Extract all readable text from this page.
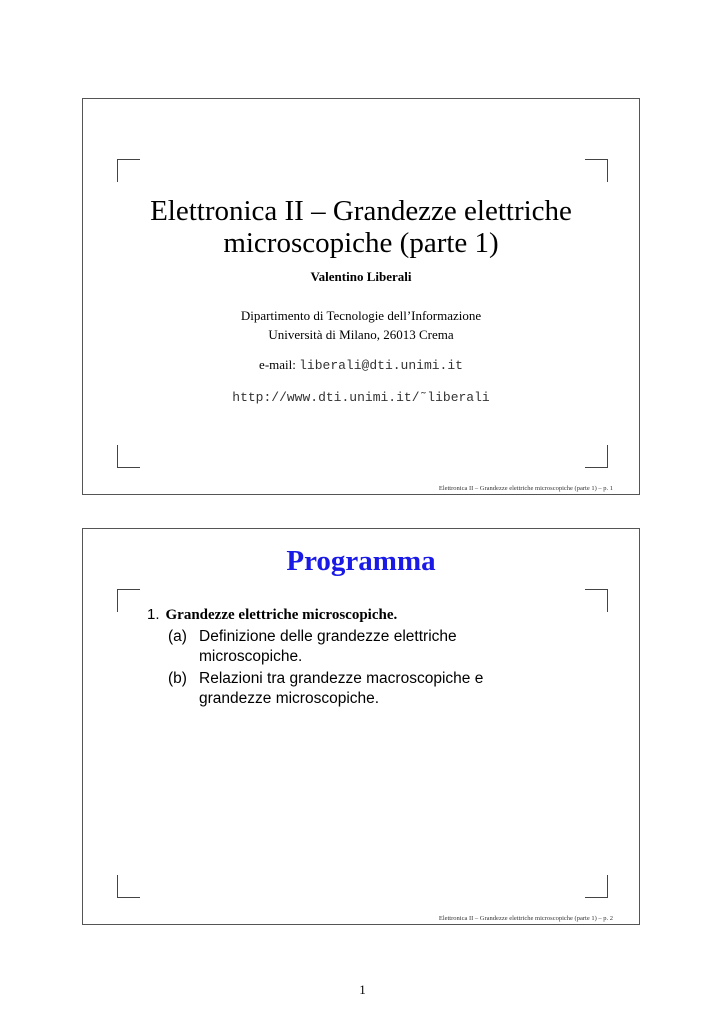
Elettronica II – Grandezze elettriche
microscopiche (parte 1)
Valentino Liberali
Dipartimento di Tecnologie dell’Informazione
Università di Milano, 26013 Crema
e-mail: liberali@dti.unimi.it
http://www.dti.unimi.it/˜liberali
Elettronica II – Grandezze elettriche microscopiche (parte 1) – p. 1
Programma
1. Grandezze elettriche microscopiche.
(a) Definizione delle grandezze elettriche
microscopiche.
(b) Relazioni tra grandezze macroscopiche e
grandezze microscopiche.
Elettronica II – Grandezze elettriche microscopiche (parte 1) – p. 2
1
